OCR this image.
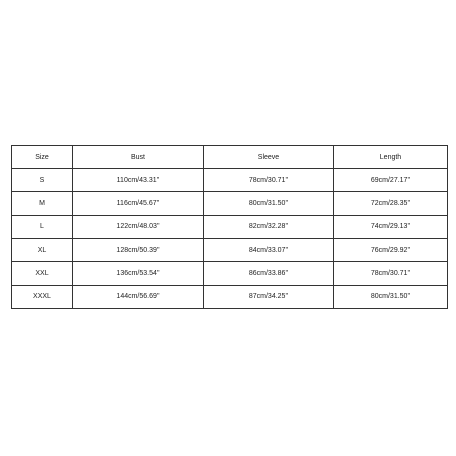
Size	Bust	Sleeve	Length
S	110cm/43.31''	78cm/30.71''	69cm/27.17''
M	116cm/45.67''	80cm/31.50''	72cm/28.35''
L	122cm/48.03''	82cm/32.28''	74cm/29.13''
XL	128cm/50.39''	84cm/33.07''	76cm/29.92''
XXL	136cm/53.54''	86cm/33.86''	78cm/30.71''
XXXL	144cm/56.69''	87cm/34.25''	80cm/31.50''
